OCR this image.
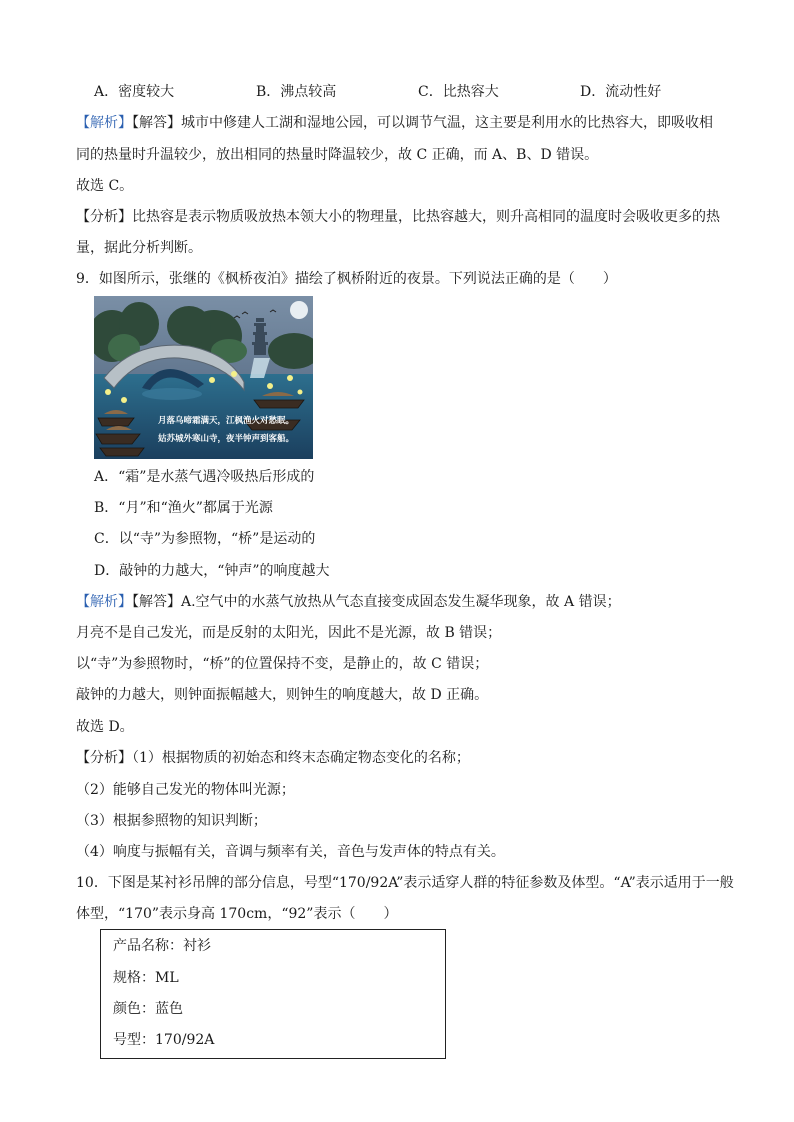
A．密度较大	B．沸点较高	C．比热容大	D．流动性好
【解析】【解答】城市中修建人工湖和湿地公园，可以调节气温，这主要是利用水的比热容大，即吸收相
同的热量时升温较少，放出相同的热量时降温较少，故 C 正确，而 A、B、D 错误。
故选 C。
【分析】比热容是表示物质吸放热本领大小的物理量，比热容越大，则升高相同的温度时会吸收更多的热
量，据此分析判断。
9．如图所示，张继的《枫桥夜泊》描绘了枫桥附近的夜景。下列说法正确的是（　　）
月落乌啼霜满天，江枫渔火对愁眠。
姑苏城外寒山寺，夜半钟声到客船。
A．“霜”是水蒸气遇冷吸热后形成的
B．“月”和“渔火”都属于光源
C．以“寺”为参照物，“桥”是运动的
D．敲钟的力越大，“钟声”的响度越大
【解析】【解答】A.空气中的水蒸气放热从气态直接变成固态发生凝华现象，故 A 错误；
月亮不是自己发光，而是反射的太阳光，因此不是光源，故 B 错误；
以“寺”为参照物时，“桥”的位置保持不变，是静止的，故 C 错误；
敲钟的力越大，则钟面振幅越大，则钟生的响度越大，故 D 正确。
故选 D。
【分析】（1）根据物质的初始态和终末态确定物态变化的名称；
（2）能够自己发光的物体叫光源；
（3）根据参照物的知识判断；
（4）响度与振幅有关，音调与频率有关，音色与发声体的特点有关。
10．下图是某衬衫吊牌的部分信息，号型“170/92A”表示适穿人群的特征参数及体型。“A”表示适用于一般
体型，“170”表示身高 170cm，“92”表示（　　）
产品名称：衬衫
规格：ML
颜色：蓝色
号型：170/92A
